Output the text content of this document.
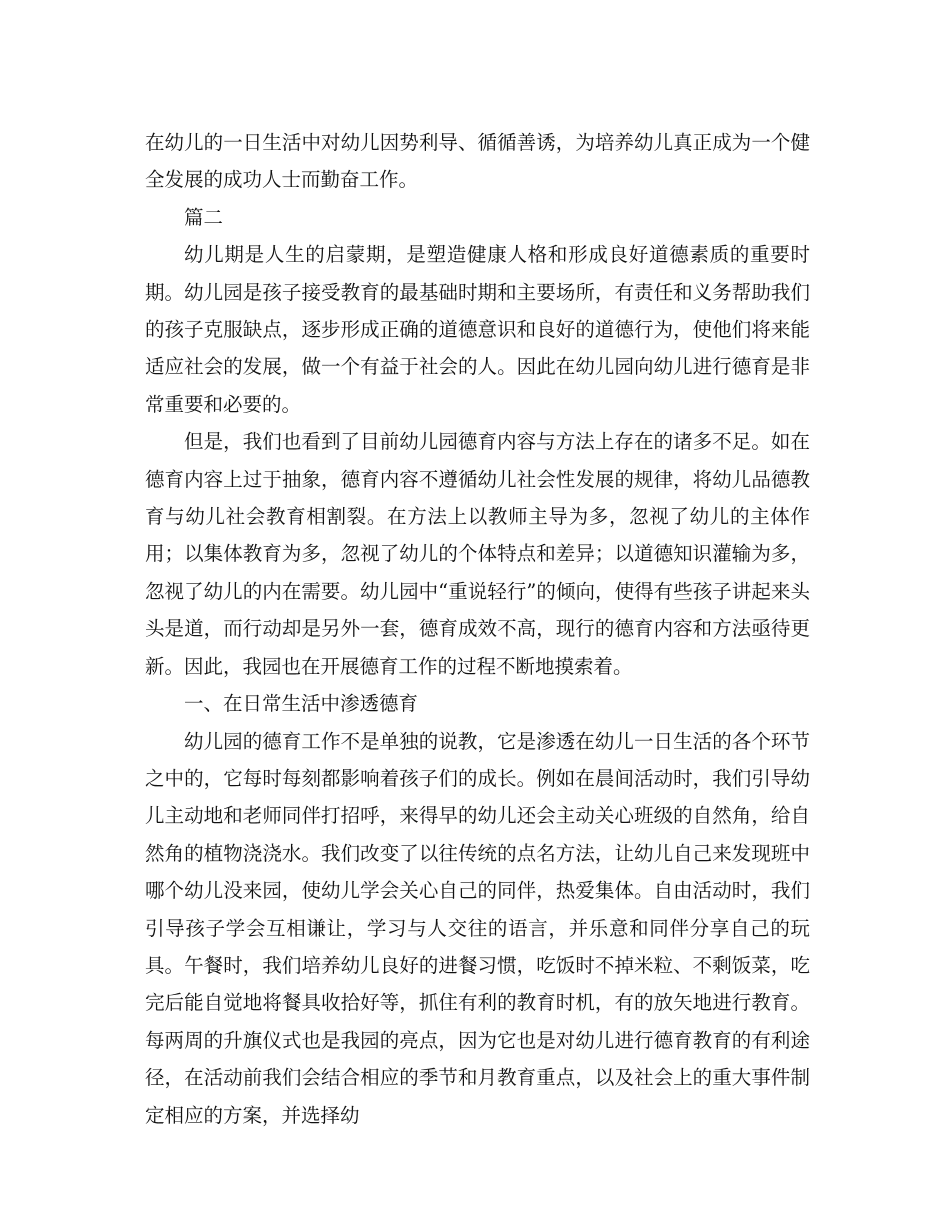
在幼儿的一日生活中对幼儿因势利导、循循善诱，为培养幼儿真正成为一个健全发展的成功人士而勤奋工作。

篇二

幼儿期是人生的启蒙期，是塑造健康人格和形成良好道德素质的重要时期。幼儿园是孩子接受教育的最基础时期和主要场所，有责任和义务帮助我们的孩子克服缺点，逐步形成正确的道德意识和良好的道德行为，使他们将来能适应社会的发展，做一个有益于社会的人。因此在幼儿园向幼儿进行德育是非常重要和必要的。

但是，我们也看到了目前幼儿园德育内容与方法上存在的诸多不足。如在德育内容上过于抽象，德育内容不遵循幼儿社会性发展的规律，将幼儿品德教育与幼儿社会教育相割裂。在方法上以教师主导为多，忽视了幼儿的主体作用；以集体教育为多，忽视了幼儿的个体特点和差异；以道德知识灌输为多，忽视了幼儿的内在需要。幼儿园中“重说轻行”的倾向，使得有些孩子讲起来头头是道，而行动却是另外一套，德育成效不高，现行的德育内容和方法亟待更新。因此，我园也在开展德育工作的过程不断地摸索着。

一、在日常生活中渗透德育

幼儿园的德育工作不是单独的说教，它是渗透在幼儿一日生活的各个环节之中的，它每时每刻都影响着孩子们的成长。例如在晨间活动时，我们引导幼儿主动地和老师同伴打招呼，来得早的幼儿还会主动关心班级的自然角，给自然角的植物浇浇水。我们改变了以往传统的点名方法，让幼儿自己来发现班中哪个幼儿没来园，使幼儿学会关心自己的同伴，热爱集体。自由活动时，我们引导孩子学会互相谦让，学习与人交往的语言，并乐意和同伴分享自己的玩具。午餐时，我们培养幼儿良好的进餐习惯，吃饭时不掉米粒、不剩饭菜，吃完后能自觉地将餐具收拾好等，抓住有利的教育时机，有的放矢地进行教育。每两周的升旗仪式也是我园的亮点，因为它也是对幼儿进行德育教育的有利途径，在活动前我们会结合相应的季节和月教育重点，以及社会上的重大事件制定相应的方案，并选择幼
